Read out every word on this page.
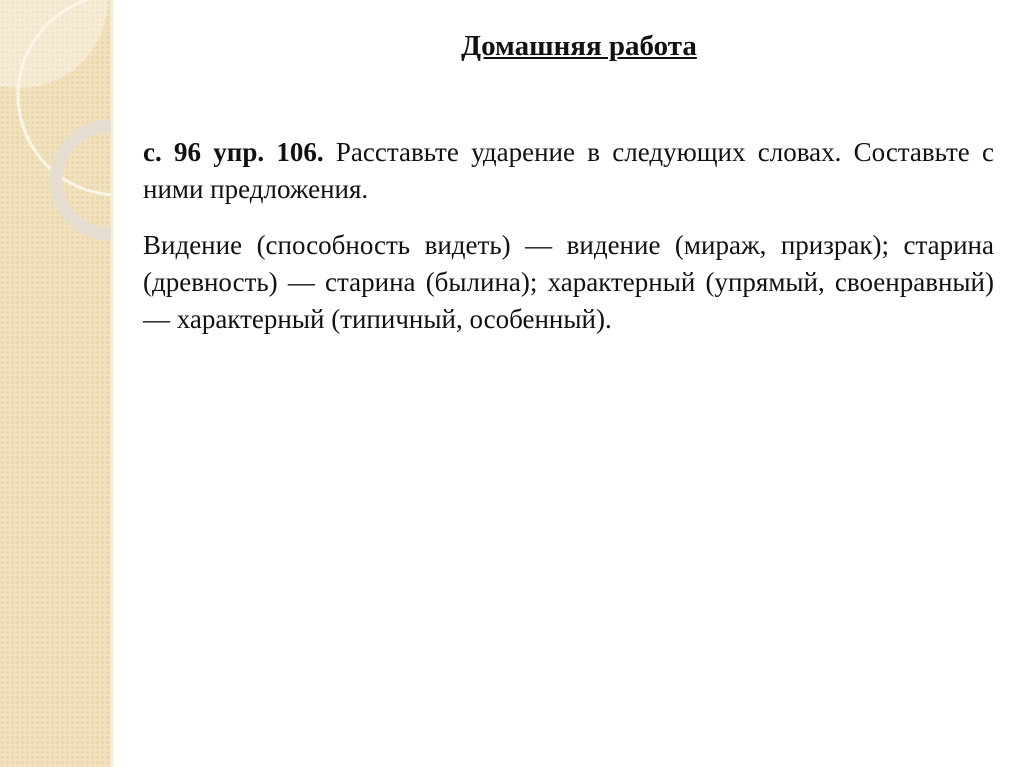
Домашняя работа

с. 96 упр. 106. Расставьте ударение в следующих словах. Составьте с ними предложения.

Видение (способность видеть) — видение (мираж, призрак); старина (древность) — старина (былина); характерный (упрямый, своенравный) — характерный (типичный, особенный).
